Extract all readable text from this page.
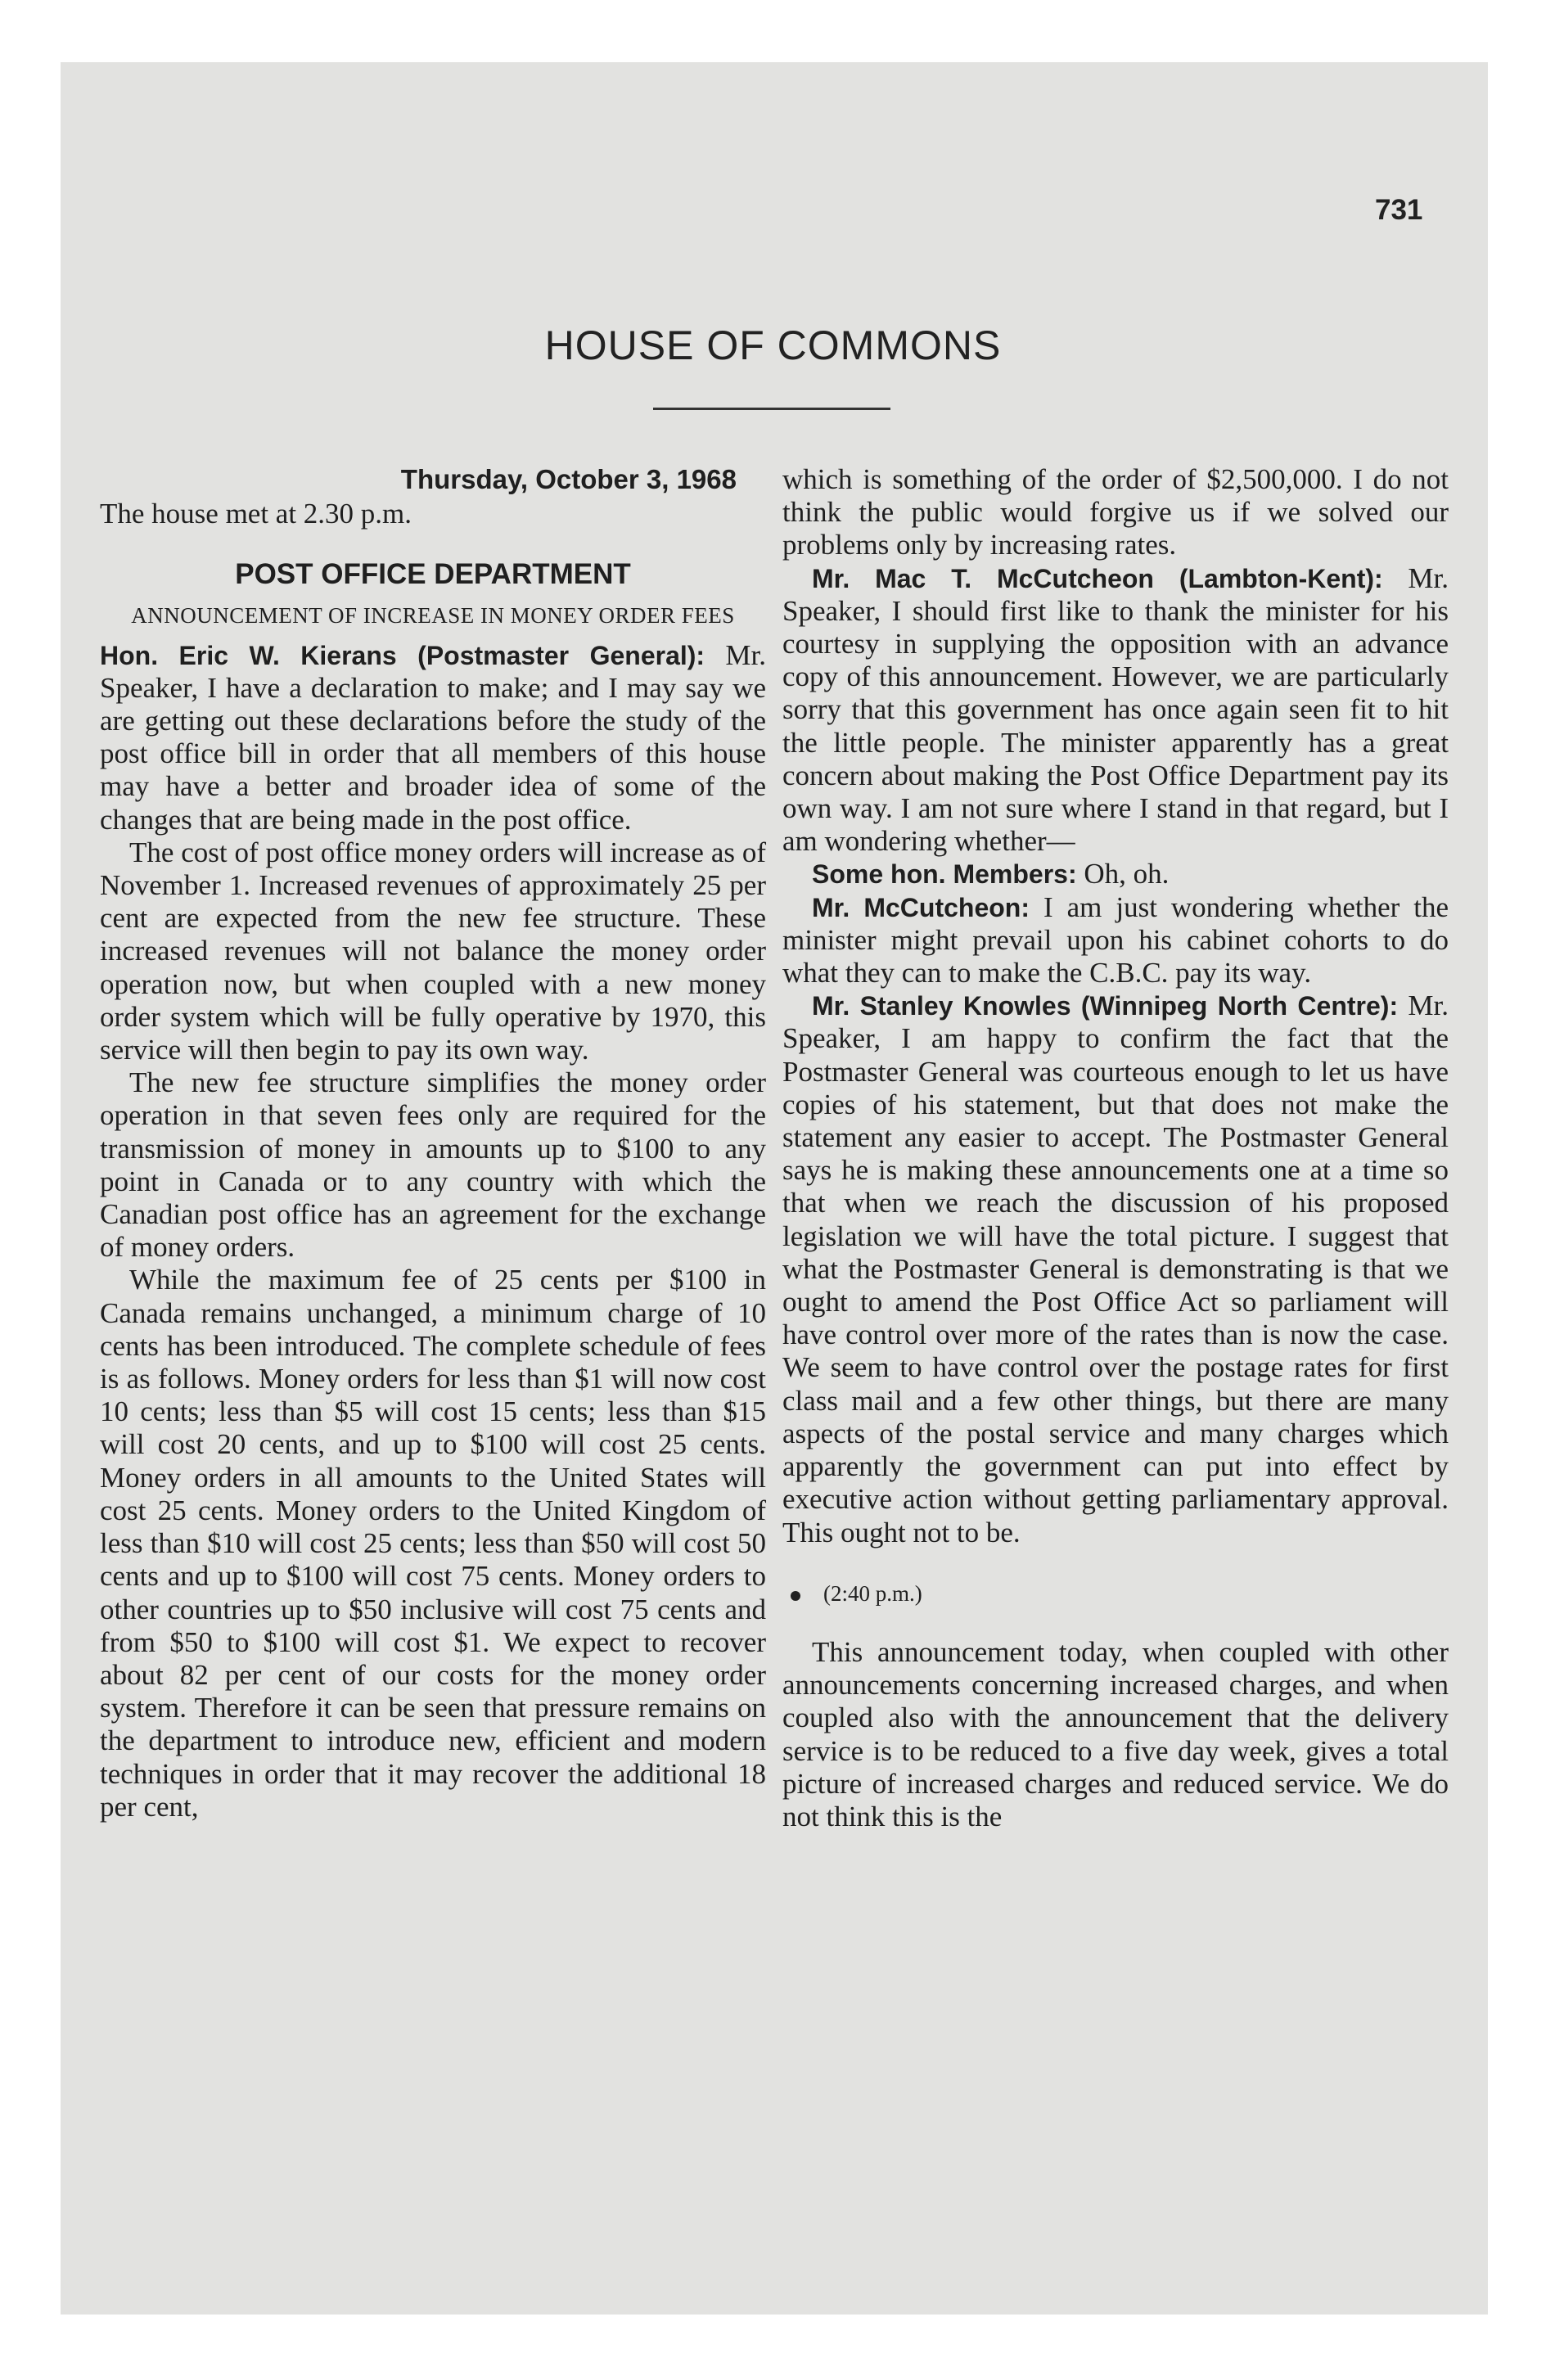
731
HOUSE OF COMMONS
Thursday, October 3, 1968

The house met at 2.30 p.m.

POST OFFICE DEPARTMENT
ANNOUNCEMENT OF INCREASE IN MONEY ORDER FEES

Hon. Eric W. Kierans (Postmaster General): Mr. Speaker, I have a declaration to make; and I may say we are getting out these declarations before the study of the post office bill in order that all members of this house may have a better and broader idea of some of the changes that are being made in the post office.

The cost of post office money orders will increase as of November 1. Increased revenues of approximately 25 per cent are expected from the new fee structure. These increased revenues will not balance the money order operation now, but when coupled with a new money order system which will be fully operative by 1970, this service will then begin to pay its own way.

The new fee structure simplifies the money order operation in that seven fees only are required for the transmission of money in amounts up to $100 to any point in Canada or to any country with which the Canadian post office has an agreement for the exchange of money orders.

While the maximum fee of 25 cents per $100 in Canada remains unchanged, a minimum charge of 10 cents has been introduced. The complete schedule of fees is as follows. Money orders for less than $1 will now cost 10 cents; less than $5 will cost 15 cents; less than $15 will cost 20 cents, and up to $100 will cost 25 cents. Money orders in all amounts to the United States will cost 25 cents. Money orders to the United Kingdom of less than $10 will cost 25 cents; less than $50 will cost 50 cents and up to $100 will cost 75 cents. Money orders to other countries up to $50 inclusive will cost 75 cents and from $50 to $100 will cost $1. We expect to recover about 82 per cent of our costs for the money order system. Therefore it can be seen that pressure remains on the department to introduce new, efficient and modern techniques in order that it may recover the additional 18 per cent,

which is something of the order of $2,500,000. I do not think the public would forgive us if we solved our problems only by increasing rates.

Mr. Mac T. McCutcheon (Lambton-Kent): Mr. Speaker, I should first like to thank the minister for his courtesy in supplying the opposition with an advance copy of this announcement. However, we are particularly sorry that this government has once again seen fit to hit the little people. The minister apparently has a great concern about making the Post Office Department pay its own way. I am not sure where I stand in that regard, but I am wondering whether—

Some hon. Members: Oh, oh.

Mr. McCutcheon: I am just wondering whether the minister might prevail upon his cabinet cohorts to do what they can to make the C.B.C. pay its way.

Mr. Stanley Knowles (Winnipeg North Centre): Mr. Speaker, I am happy to confirm the fact that the Postmaster General was courteous enough to let us have copies of his statement, but that does not make the statement any easier to accept. The Postmaster General says he is making these announcements one at a time so that when we reach the discussion of his proposed legislation we will have the total picture. I suggest that what the Postmaster General is demonstrating is that we ought to amend the Post Office Act so parliament will have control over more of the rates than is now the case. We seem to have control over the postage rates for first class mail and a few other things, but there are many aspects of the postal service and many charges which apparently the government can put into effect by executive action without getting parliamentary approval. This ought not to be.

(2:40 p.m.)

This announcement today, when coupled with other announcements concerning increased charges, and when coupled also with the announcement that the delivery service is to be reduced to a five day week, gives a total picture of increased charges and reduced service. We do not think this is the
